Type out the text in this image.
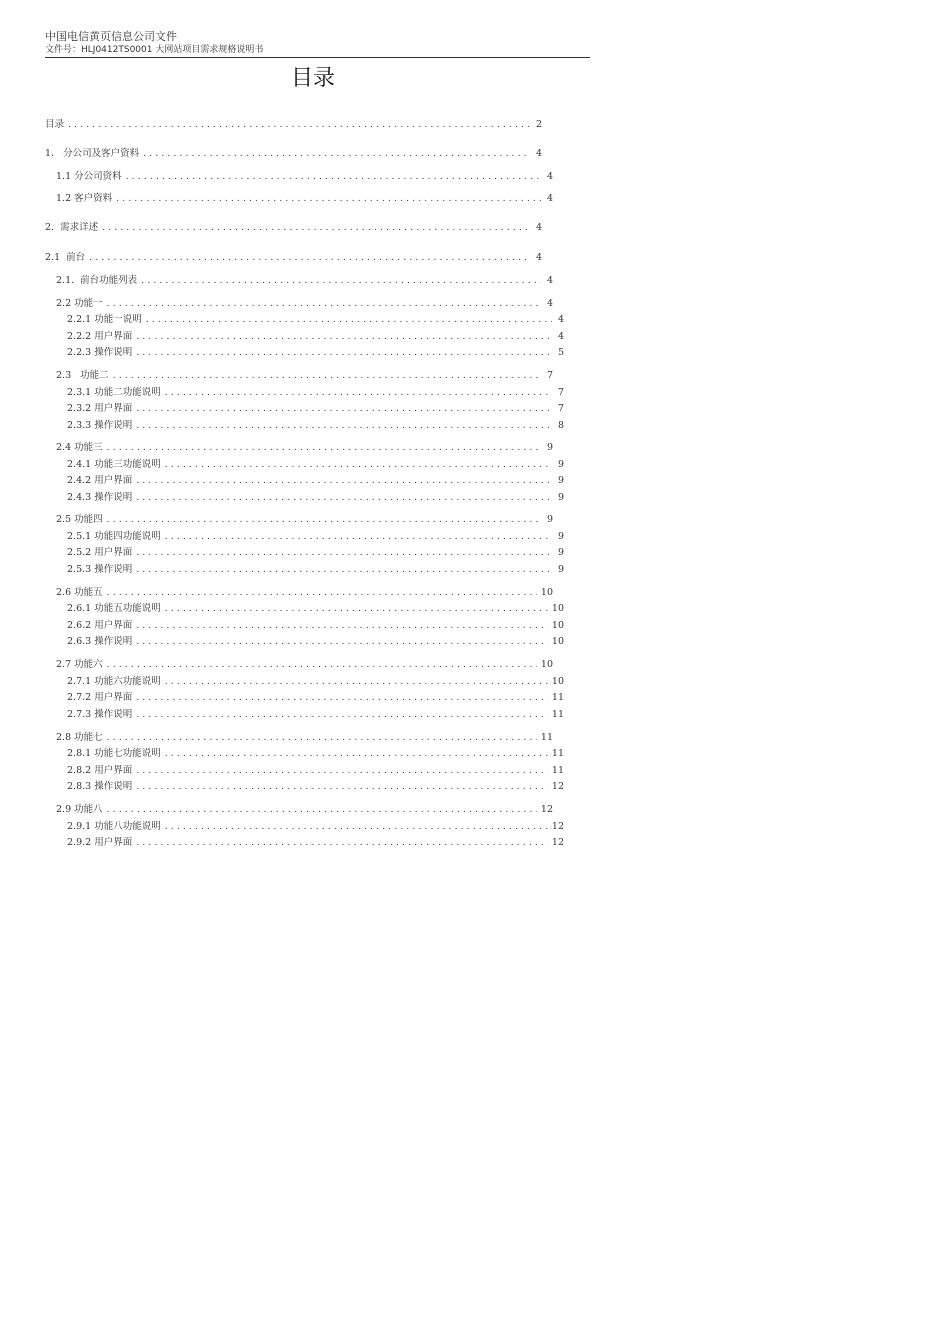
中国电信黄页信息公司文件
文件号：HLJ0412TS0001 大网站项目需求规格说明书
目录
目录 . . .	2
1.   分公司及客户资料 . . .	4
1.1 分公司资料 . . .	4
1.2 客户资料 . . .	4
2.  需求详述 . . .	4
2.1  前台 . . .	4
2.1.  前台功能列表 . . .	4
2.2 功能一 . . .	4
2.2.1 功能一说明 . . .	4
2.2.2 用户界面 . . .	4
2.2.3 操作说明 . . .	5
2.3   功能二 . . .	7
2.3.1 功能二功能说明 . . .	7
2.3.2 用户界面 . . .	7
2.3.3 操作说明 . . .	8
2.4 功能三 . . .	9
2.4.1 功能三功能说明 . . .	9
2.4.2 用户界面 . . .	9
2.4.3 操作说明 . . .	9
2.5 功能四 . . .	9
2.5.1 功能四功能说明 . . .	9
2.5.2 用户界面 . . .	9
2.5.3 操作说明 . . .	9
2.6 功能五 . . .	10
2.6.1 功能五功能说明 . . .	10
2.6.2 用户界面 . . .	10
2.6.3 操作说明 . . .	10
2.7 功能六 . . .	10
2.7.1 功能六功能说明 . . .	10
2.7.2 用户界面 . . .	11
2.7.3 操作说明 . . .	11
2.8 功能七 . . .	11
2.8.1 功能七功能说明 . . .	11
2.8.2 用户界面 . . .	11
2.8.3 操作说明 . . .	12
2.9 功能八 . . .	12
2.9.1 功能八功能说明 . . .	12
2.9.2 用户界面 . . .	12
